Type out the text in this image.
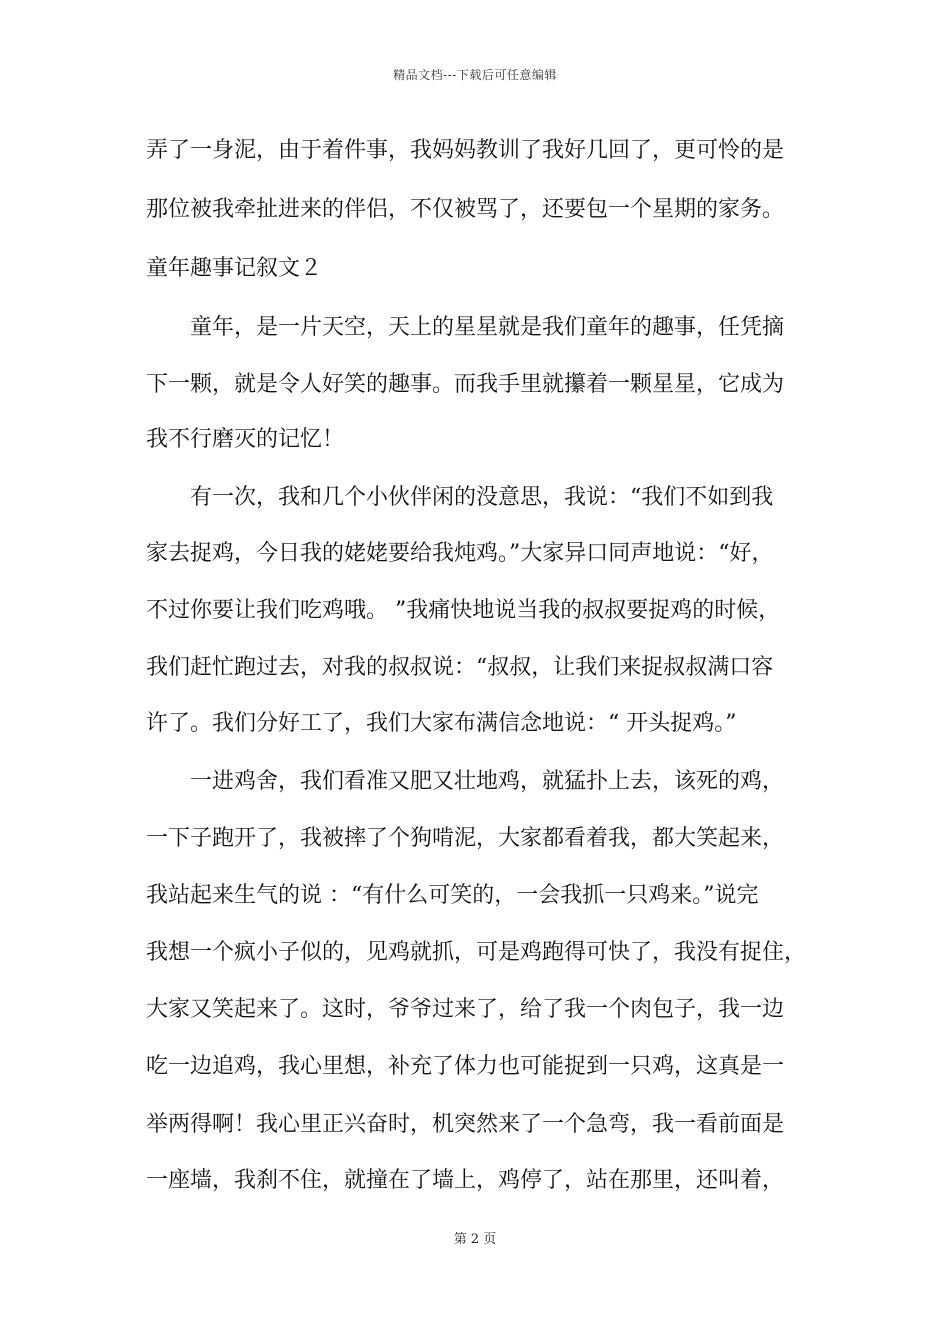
精品文档---下载后可任意编辑
弄了一身泥，由于着件事，我妈妈教训了我好几回了，更可怜的是
那位被我牵扯进来的伴侣，不仅被骂了，还要包一个星期的家务。
童年趣事记叙文２
　　童年，是一片天空，天上的星星就是我们童年的趣事，任凭摘
下一颗，就是令人好笑的趣事。而我手里就攥着一颗星星，它成为
我不行磨灭的记忆！
　　有一次，我和几个小伙伴闲的没意思，我说：“我们不如到我
家去捉鸡，今日我的姥姥要给我炖鸡。”大家异口同声地说：“好，
不过你要让我们吃鸡哦。 ”我痛快地说当我的叔叔要捉鸡的时候，
我们赶忙跑过去，对我的叔叔说：“叔叔，让我们来捉叔叔满口容
许了。我们分好工了，我们大家布满信念地说：“ 开头捉鸡。”
　　一进鸡舍，我们看准又肥又壮地鸡，就猛扑上去，该死的鸡，
一下子跑开了，我被摔了个狗啃泥，大家都看着我，都大笑起来，
我站起来生气的说 ：“有什么可笑的，一会我抓一只鸡来。”说完
我想一个疯小子似的，见鸡就抓，可是鸡跑得可快了，我没有捉住，
大家又笑起来了。这时，爷爷过来了，给了我一个肉包子，我一边
吃一边追鸡，我心里想，补充了体力也可能捉到一只鸡，这真是一
举两得啊！我心里正兴奋时，机突然来了一个急弯，我一看前面是
一座墙，我刹不住，就撞在了墙上，鸡停了，站在那里，还叫着，
第 2 页
